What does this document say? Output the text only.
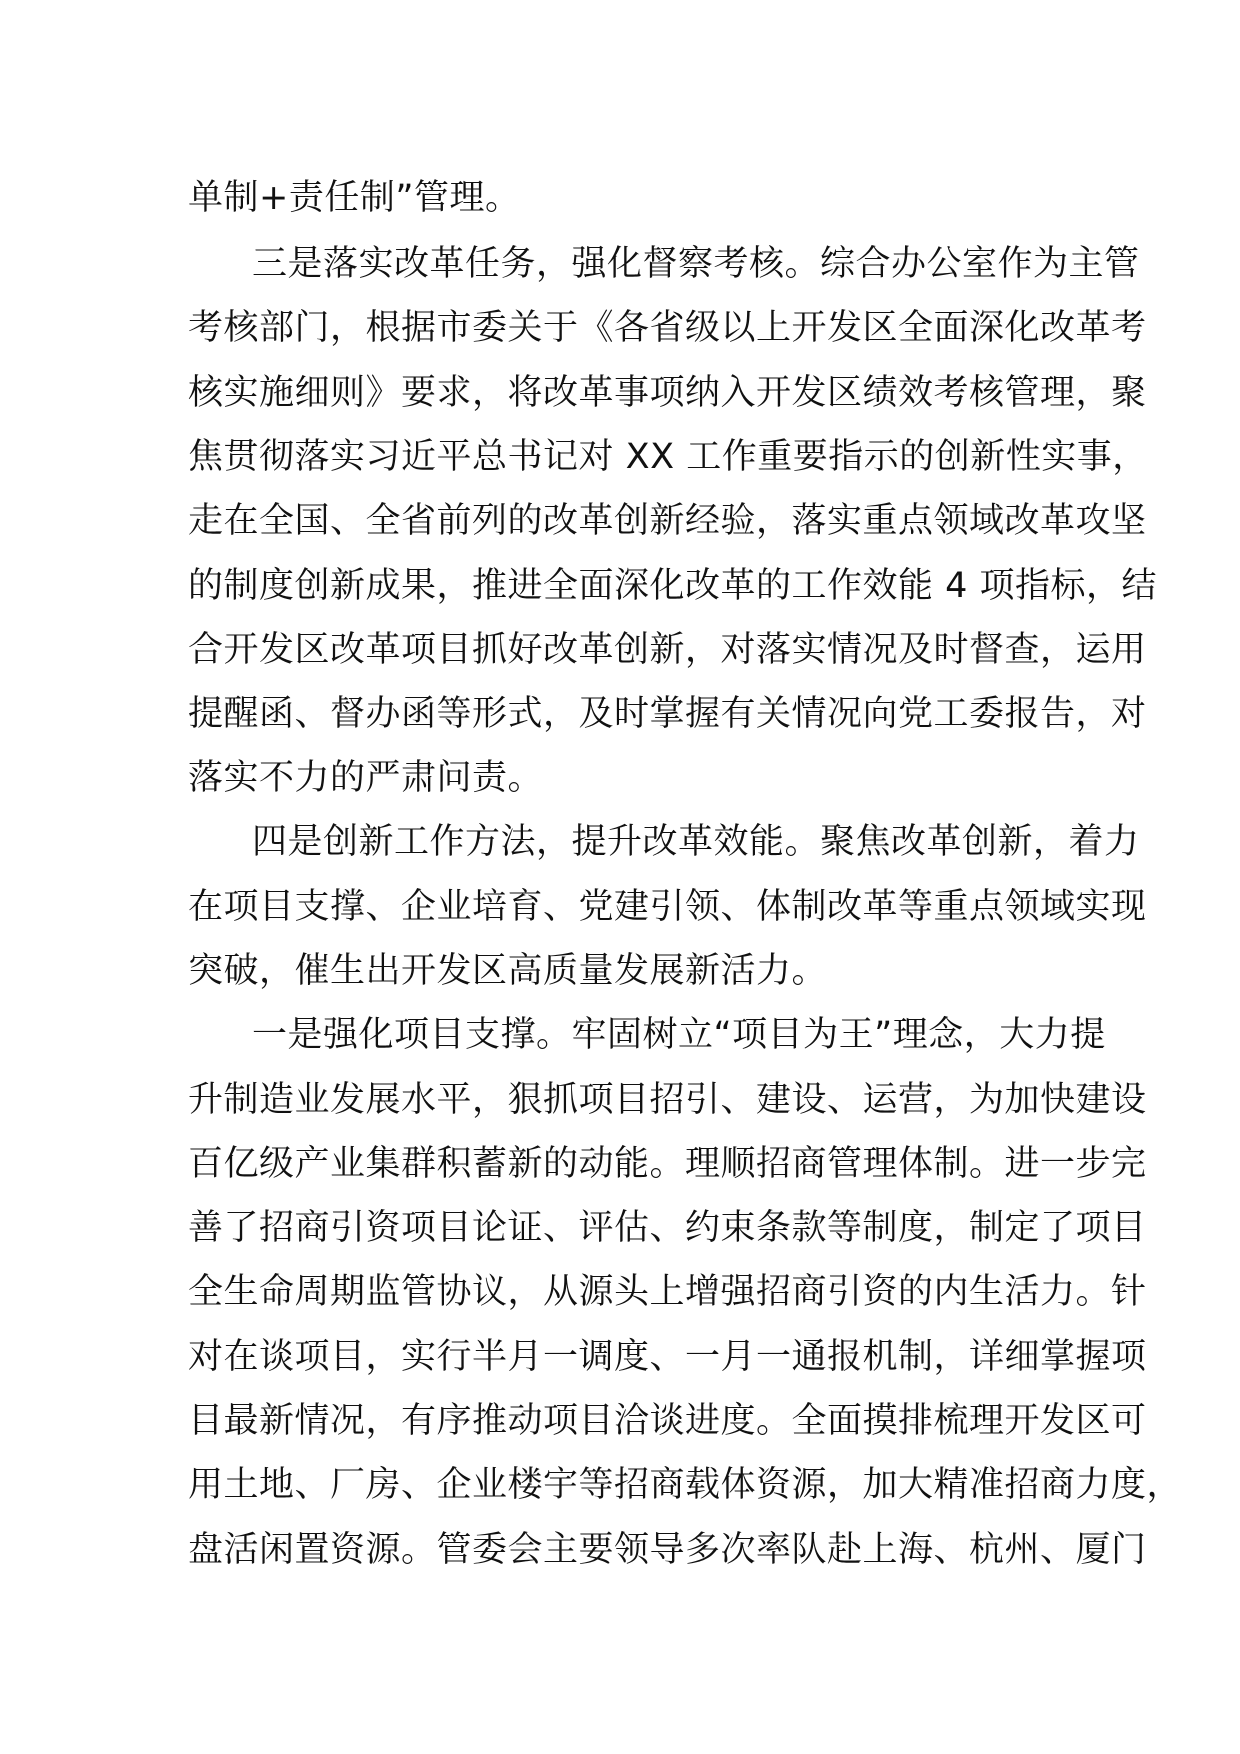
单制+责任制”管理。
三是落实改革任务，强化督察考核。综合办公室作为主管
考核部门，根据市委关于《各省级以上开发区全面深化改革考
核实施细则》要求，将改革事项纳入开发区绩效考核管理，聚
焦贯彻落实习近平总书记对 XX 工作重要指示的创新性实事，
走在全国、全省前列的改革创新经验，落实重点领域改革攻坚
的制度创新成果，推进全面深化改革的工作效能 4 项指标，结
合开发区改革项目抓好改革创新，对落实情况及时督查，运用
提醒函、督办函等形式，及时掌握有关情况向党工委报告，对
落实不力的严肃问责。
四是创新工作方法，提升改革效能。聚焦改革创新，着力
在项目支撑、企业培育、党建引领、体制改革等重点领域实现
突破，催生出开发区高质量发展新活力。
一是强化项目支撑。牢固树立“项目为王”理念，大力提
升制造业发展水平，狠抓项目招引、建设、运营，为加快建设
百亿级产业集群积蓄新的动能。理顺招商管理体制。进一步完
善了招商引资项目论证、评估、约束条款等制度，制定了项目
全生命周期监管协议，从源头上增强招商引资的内生活力。针
对在谈项目，实行半月一调度、一月一通报机制，详细掌握项
目最新情况，有序推动项目洽谈进度。全面摸排梳理开发区可
用土地、厂房、企业楼宇等招商载体资源，加大精准招商力度，
盘活闲置资源。管委会主要领导多次率队赴上海、杭州、厦门
